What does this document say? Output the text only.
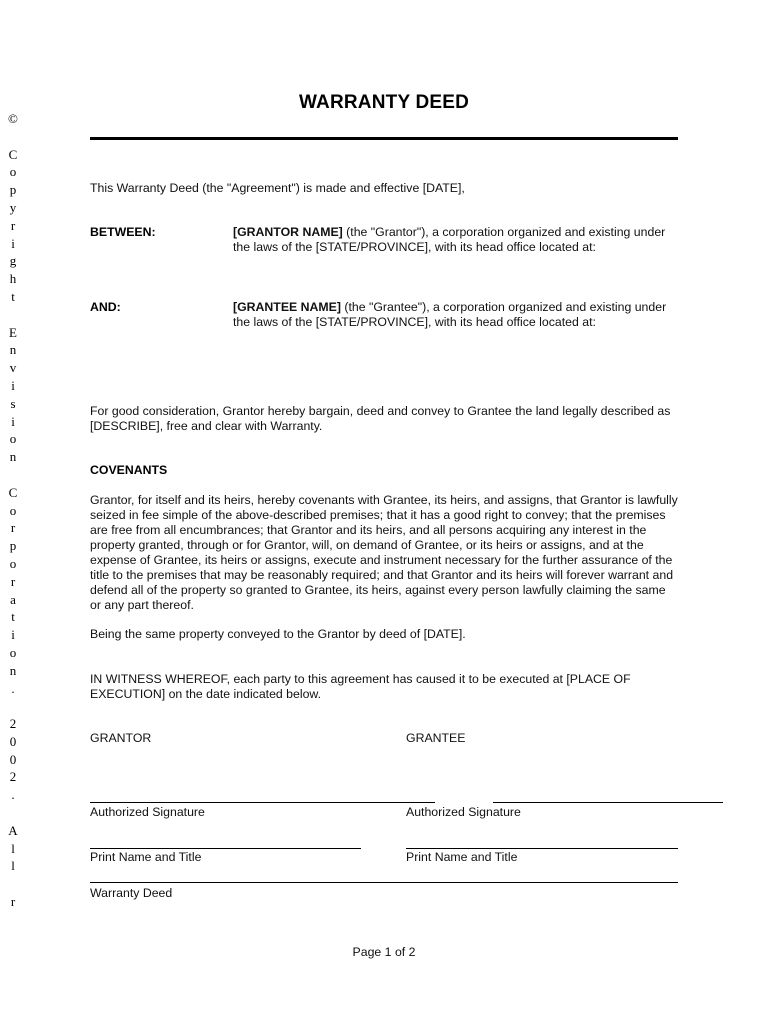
©
C
o
p
y
r
i
g
h
t
E
n
v
i
s
i
o
n
C
o
r
p
o
r
a
t
i
o
n
.
2
0
0
2
.
A
l
l
r
WARRANTY DEED
This Warranty Deed (the "Agreement") is made and effective [DATE],
BETWEEN:	[GRANTOR NAME] (the "Grantor"), a corporation organized and existing under the laws of the [STATE/PROVINCE], with its head office located at:
AND:	[GRANTEE NAME] (the "Grantee"), a corporation organized and existing under the laws of the [STATE/PROVINCE], with its head office located at:
For good consideration, Grantor hereby bargain, deed and convey to Grantee the land legally described as [DESCRIBE], free and clear with Warranty.
COVENANTS
Grantor, for itself and its heirs, hereby covenants with Grantee, its heirs, and assigns, that Grantor is lawfully seized in fee simple of the above-described premises; that it has a good right to convey; that the premises are free from all encumbrances; that Grantor and its heirs, and all persons acquiring any interest in the property granted, through or for Grantor, will, on demand of Grantee, or its heirs or assigns, and at the expense of Grantee, its heirs or assigns, execute and instrument necessary for the further assurance of the title to the premises that may be reasonably required; and that Grantor and its heirs will forever warrant and defend all of the property so granted to Grantee, its heirs, against every person lawfully claiming the same or any part thereof.
Being the same property conveyed to the Grantor by deed of [DATE].
IN WITNESS WHEREOF, each party to this agreement has caused it to be executed at [PLACE OF EXECUTION] on the date indicated below.
GRANTOR	GRANTEE
Authorized Signature	Authorized Signature
Print Name and Title	Print Name and Title
Warranty Deed
Page 1 of 2
